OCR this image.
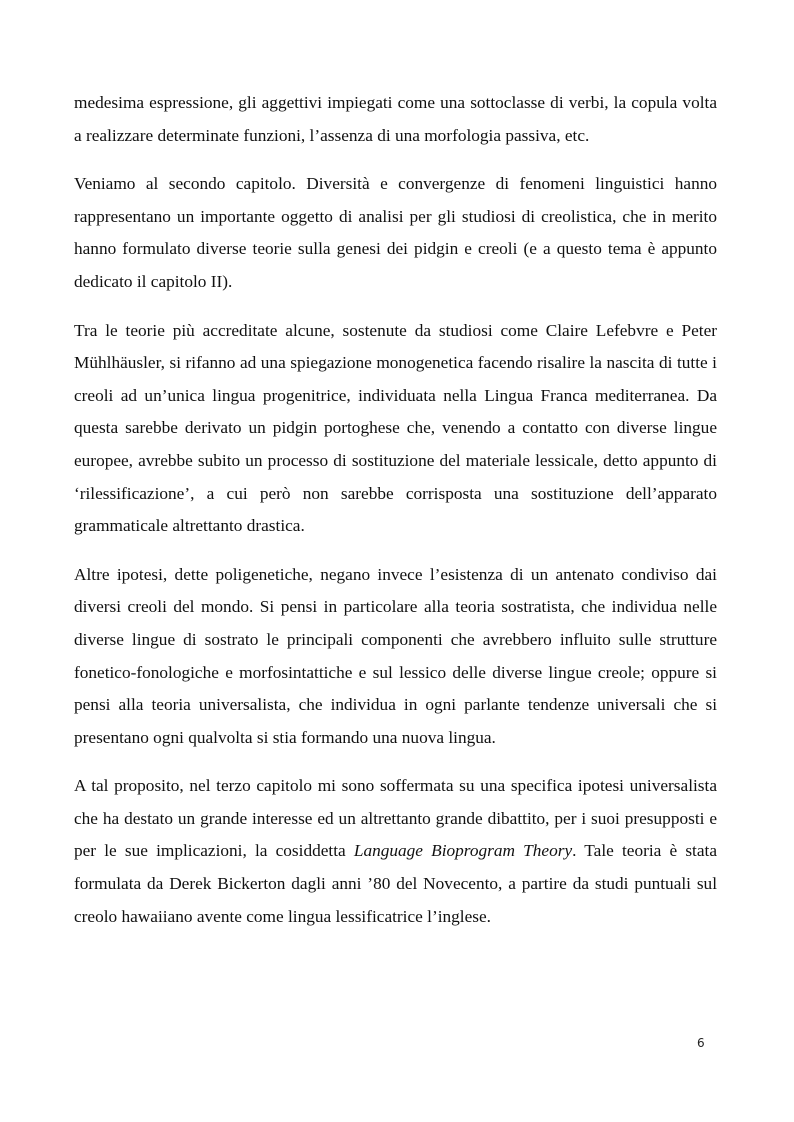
medesima espressione, gli aggettivi impiegati come una sottoclasse di verbi, la copula volta a realizzare determinate funzioni, l’assenza di una morfologia passiva, etc.

Veniamo al secondo capitolo. Diversità e convergenze di fenomeni linguistici hanno rappresentano un importante oggetto di analisi per gli studiosi di creolistica, che in merito hanno formulato diverse teorie sulla genesi dei pidgin e creoli (e a questo tema è appunto dedicato il capitolo II).

Tra le teorie più accreditate alcune, sostenute da studiosi come Claire Lefebvre e Peter Mühlhäusler, si rifanno ad una spiegazione monogenetica facendo risalire la nascita di tutte i creoli ad un’unica lingua progenitrice, individuata nella Lingua Franca mediterranea. Da questa sarebbe derivato un pidgin portoghese che, venendo a contatto con diverse lingue europee, avrebbe subito un processo di sostituzione del materiale lessicale, detto appunto di ‘rilessificazione’, a cui però non sarebbe corrisposta una sostituzione dell’apparato grammaticale altrettanto drastica.

Altre ipotesi, dette poligenetiche, negano invece l’esistenza di un antenato condiviso dai diversi creoli del mondo. Si pensi in particolare alla teoria sostratista, che individua nelle diverse lingue di sostrato le principali componenti che avrebbero influito sulle strutture fonetico-fonologiche e morfosintattiche e sul lessico delle diverse lingue creole; oppure si pensi alla teoria universalista, che individua in ogni parlante tendenze universali che si presentano ogni qualvolta si stia formando una nuova lingua.

A tal proposito, nel terzo capitolo mi sono soffermata su una specifica ipotesi universalista che ha destato un grande interesse ed un altrettanto grande dibattito, per i suoi presupposti e per le sue implicazioni, la cosiddetta Language Bioprogram Theory. Tale teoria è stata formulata da Derek Bickerton dagli anni ’80 del Novecento, a partire da studi puntuali sul creolo hawaiiano avente come lingua lessificatrice l’inglese.

6
